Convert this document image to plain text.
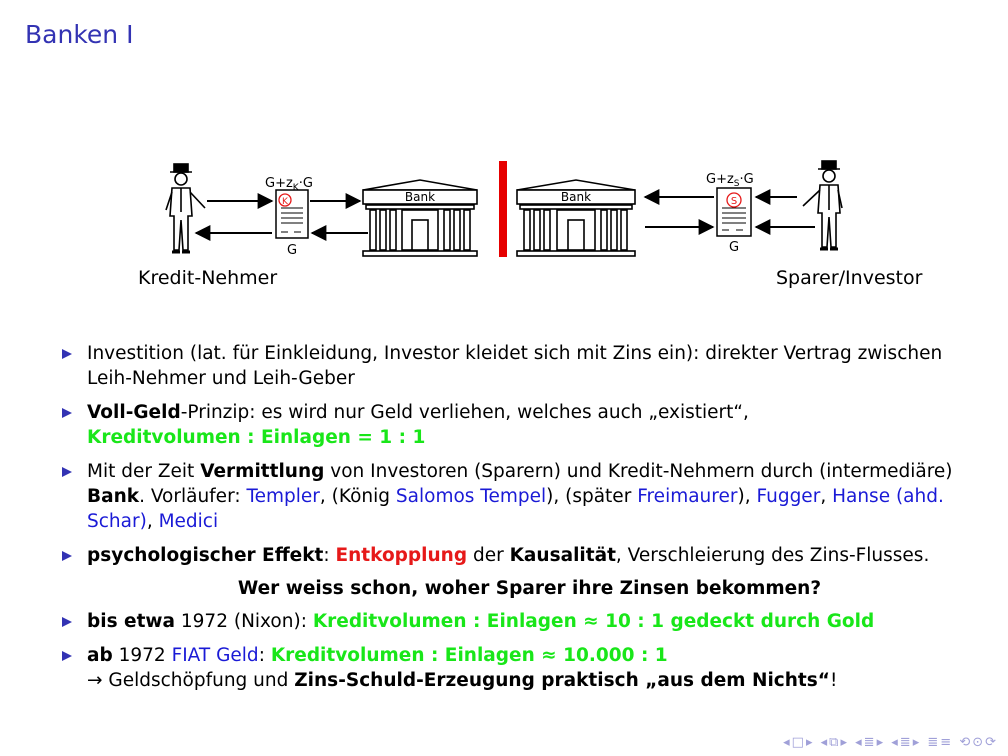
Banken I
K
$G+z_K\cdot G$
G
S
$G+z_S\cdot G$
G
Bank	Bank
Kredit-Nehmer	Sparer/Investor
Investition (lat. für Einkleidung, Investor kleidet sich mit Zins ein): direkter Vertrag zwischen Leih-Nehmer und Leih-Geber
Voll-Geld-Prinzip: es wird nur Geld verliehen, welches auch „existiert“,
Kreditvolumen : Einlagen = 1 : 1
Mit der Zeit Vermittlung von Investoren (Sparern) und Kredit-Nehmern durch (intermediäre) Bank. Vorläufer: Templer, (König Salomos Tempel), (später Freimaurer), Fugger, Hanse (ahd. Schar), Medici
psychologischer Effekt: Entkopplung der Kausalität, Verschleierung des Zins-Flusses.
Wer weiss schon, woher Sparer ihre Zinsen bekommen?
bis etwa 1972 (Nixon): Kreditvolumen : Einlagen ≈ 10 : 1 gedeckt durch Gold
ab 1972 FIAT Geld: Kreditvolumen : Einlagen ≈ 10.000 : 1
→ Geldschöpfung und Zins-Schuld-Erzeugung praktisch „aus dem Nichts“!
◂□▸ ◂⧉▸ ◂≣▸ ◂≣▸ ≣≡ ⟲⊙⟳
